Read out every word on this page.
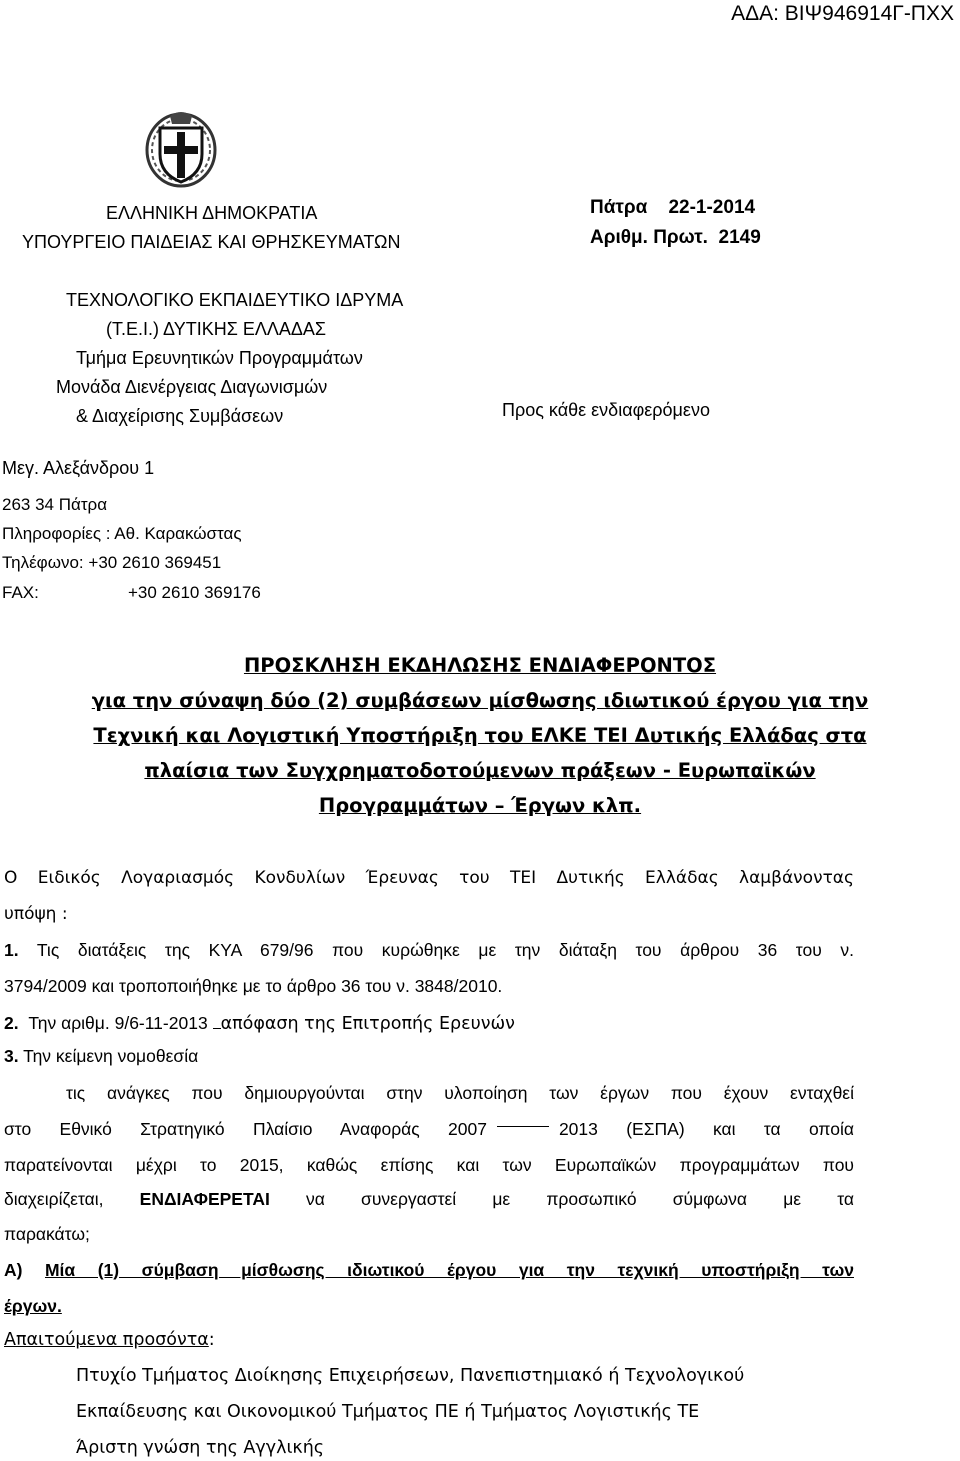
ΑΔΑ: ΒΙΨ946914Γ-ΠΧΧ
ΕΛΛΗΝΙΚΗ ΔΗΜΟΚΡΑΤΙΑ
ΥΠΟΥΡΓΕΙΟ ΠΑΙΔΕΙΑΣ ΚΑΙ ΘΡΗΣΚΕΥΜΑΤΩΝ
ΤΕΧΝΟΛΟΓΙΚΟ ΕΚΠΑΙΔΕΥΤΙΚΟ ΙΔΡΥΜΑ
(Τ.Ε.Ι.) ΔΥΤΙΚΗΣ ΕΛΛΑΔΑΣ
Τμήμα Ερευνητικών Προγραμμάτων
Μονάδα Διενέργειας Διαγωνισμών
& Διαχείρισης Συμβάσεων
Πάτρα 22-1-2014
Αριθμ. Πρωτ. 2149
Προς κάθε ενδιαφερόμενο
Μεγ. Αλεξάνδρου 1
263 34 Πάτρα
Πληροφορίες : Αθ. Καρακώστας
Τηλέφωνο: +30 2610 369451
FAX:	+30 2610 369176
ΠΡΟΣΚΛΗΣΗ ΕΚΔΗΛΩΣΗΣ ΕΝΔΙΑΦΕΡΟΝΤΟΣ
για την σύναψη δύο (2) συμβάσεων μίσθωσης ιδιωτικού έργου για την
Τεχνική και Λογιστική Υποστήριξη του ΕΛΚΕ ΤΕΙ Δυτικής Ελλάδας στα
πλαίσια των Συγχρηματοδοτούμενων πράξεων - Ευρωπαϊκών
Προγραμμάτων – Έργων κλπ.
Ο Ειδικός Λογαριασμός Κονδυλίων Έρευνας του ΤΕΙ Δυτικής Ελλάδας λαμβάνοντας
υπόψη :
1. Τις διατάξεις της ΚΥΑ 679/96 που κυρώθηκε με την διάταξη του άρθρου 36 του ν.
3794/2009 και τροποποιήθηκε με το άρθρο 36 του ν. 3848/2010.
2. Την αριθμ. 9/6-11-2013 απόφαση της Επιτροπής Ερευνών
3. Την κείμενη νομοθεσία
τις ανάγκες που δημιουργούνται στην υλοποίηση των έργων που έχουν ενταχθεί
στο Εθνικό Στρατηγικό Πλαίσιο Αναφοράς 2007	2013 (ΕΣΠΑ) και τα οποία
παρατείνονται μέχρι το 2015, καθώς επίσης και των Ευρωπαϊκών προγραμμάτων που
διαχειρίζεται, ΕΝΔΙΑΦΕΡΕΤΑΙ να συνεργαστεί με προσωπικό σύμφωνα με τα
παρακάτω;
Α) Μία (1) σύμβαση μίσθωσης ιδιωτικού έργου για την τεχνική υποστήριξη των
έργων.
Απαιτούμενα προσόντα:
Πτυχίο Τμήματος Διοίκησης Επιχειρήσεων, Πανεπιστημιακό ή Τεχνολογικού
Εκπαίδευσης και Οικονομικού Τμήματος ΠΕ ή Τμήματος Λογιστικής ΤΕ
Άριστη γνώση της Αγγλικής
